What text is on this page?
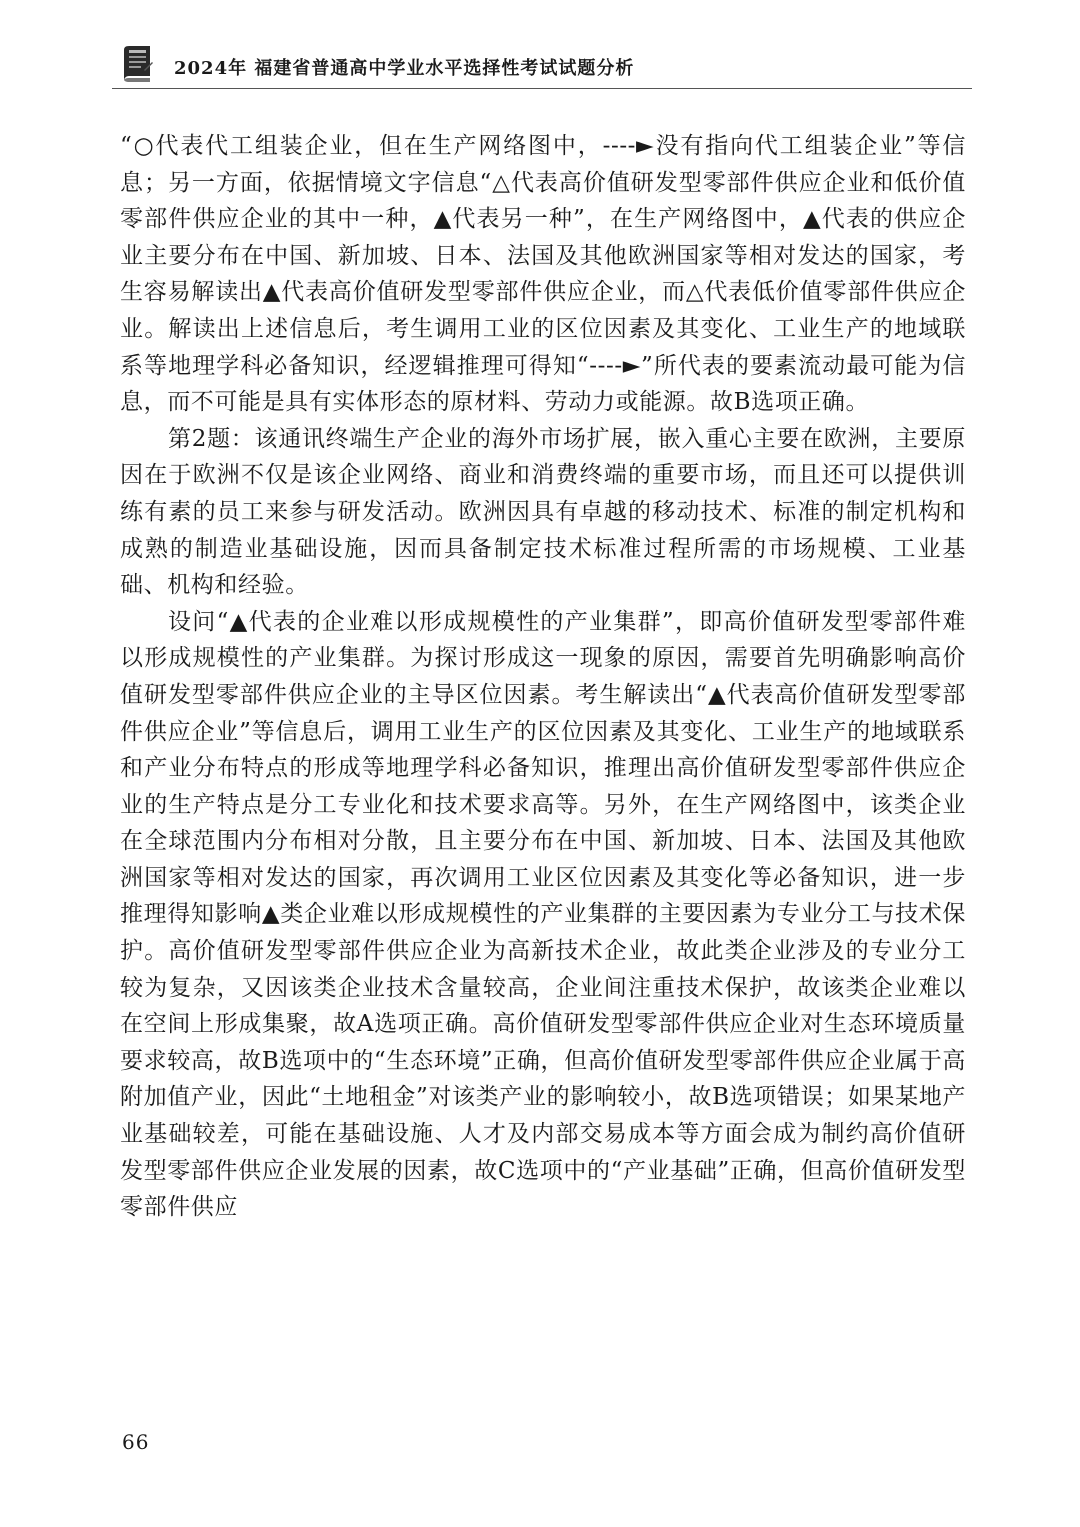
2024年 福建省普通高中学业水平选择性考试试题分析

“○代表代工组装企业，但在生产网络图中，----►没有指向代工组装企业”等信息；另一方面，依据情境文字信息“△代表高价值研发型零部件供应企业和低价值零部件供应企业的其中一种，▲代表另一种”，在生产网络图中，▲代表的供应企业主要分布在中国、新加坡、日本、法国及其他欧洲国家等相对发达的国家，考生容易解读出▲代表高价值研发型零部件供应企业，而△代表低价值零部件供应企业。解读出上述信息后，考生调用工业的区位因素及其变化、工业生产的地域联系等地理学科必备知识，经逻辑推理可得知“----►”所代表的要素流动最可能为信息，而不可能是具有实体形态的原材料、劳动力或能源。故B选项正确。

第2题：该通讯终端生产企业的海外市场扩展，嵌入重心主要在欧洲，主要原因在于欧洲不仅是该企业网络、商业和消费终端的重要市场，而且还可以提供训练有素的员工来参与研发活动。欧洲因具有卓越的移动技术、标准的制定机构和成熟的制造业基础设施，因而具备制定技术标准过程所需的市场规模、工业基础、机构和经验。

设问“▲代表的企业难以形成规模性的产业集群”，即高价值研发型零部件难以形成规模性的产业集群。为探讨形成这一现象的原因，需要首先明确影响高价值研发型零部件供应企业的主导区位因素。考生解读出“▲代表高价值研发型零部件供应企业”等信息后，调用工业生产的区位因素及其变化、工业生产的地域联系和产业分布特点的形成等地理学科必备知识，推理出高价值研发型零部件供应企业的生产特点是分工专业化和技术要求高等。另外，在生产网络图中，该类企业在全球范围内分布相对分散，且主要分布在中国、新加坡、日本、法国及其他欧洲国家等相对发达的国家，再次调用工业区位因素及其变化等必备知识，进一步推理得知影响▲类企业难以形成规模性的产业集群的主要因素为专业分工与技术保护。高价值研发型零部件供应企业为高新技术企业，故此类企业涉及的专业分工较为复杂，又因该类企业技术含量较高，企业间注重技术保护，故该类企业难以在空间上形成集聚，故A选项正确。高价值研发型零部件供应企业对生态环境质量要求较高，故B选项中的“生态环境”正确，但高价值研发型零部件供应企业属于高附加值产业，因此“土地租金”对该类产业的影响较小，故B选项错误；如果某地产业基础较差，可能在基础设施、人才及内部交易成本等方面会成为制约高价值研发型零部件供应企业发展的因素，故C选项中的“产业基础”正确，但高价值研发型零部件供应

66
